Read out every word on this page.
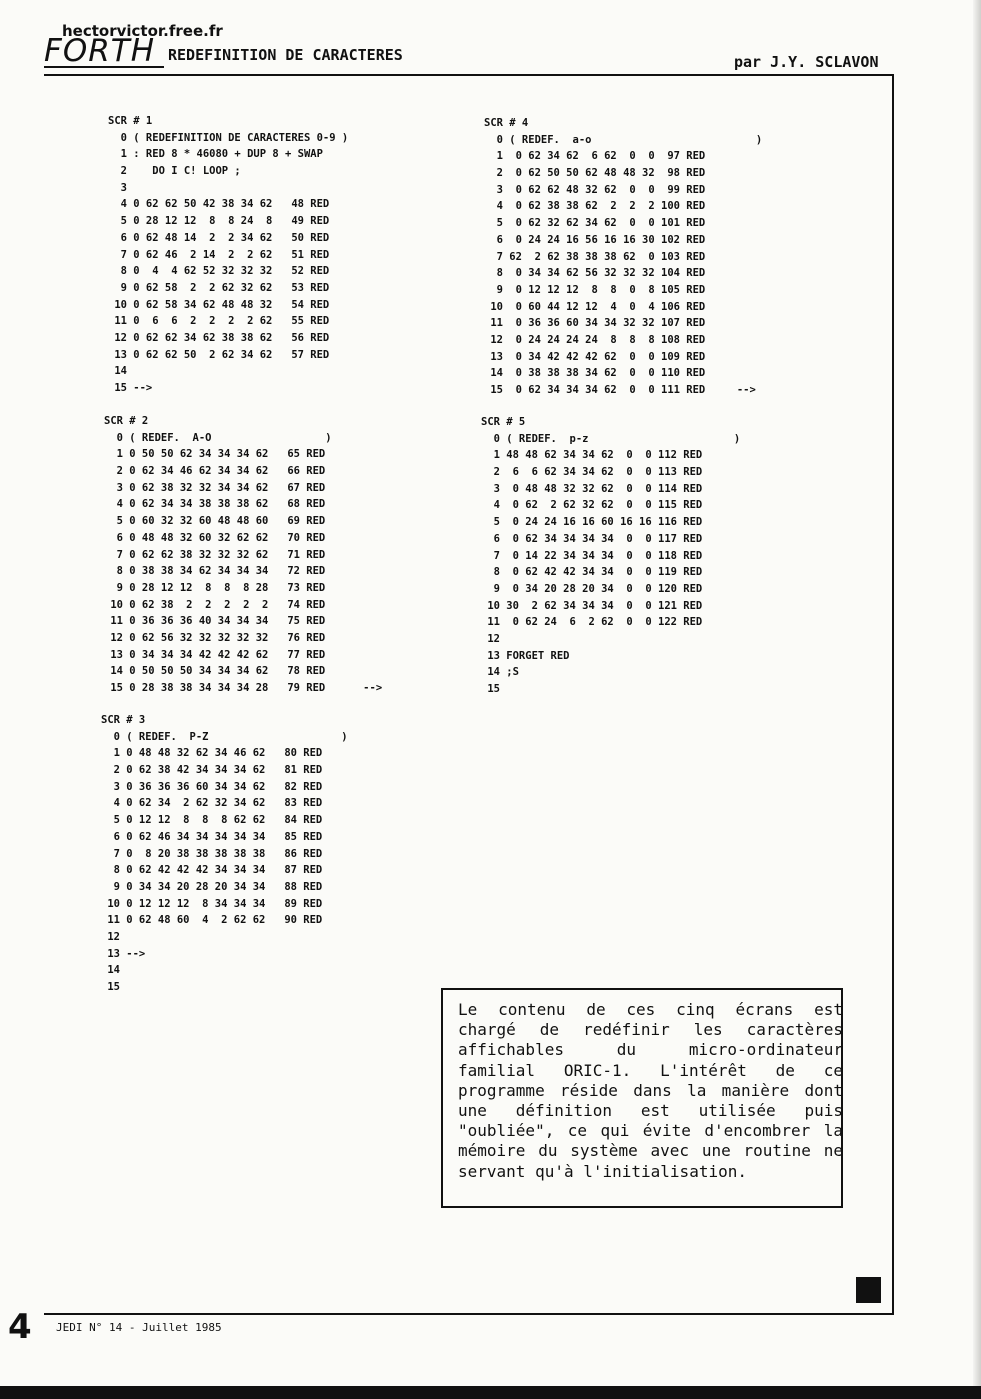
hectorvictor.free.fr
FORTH REDEFINITION DE CARACTERES	par J.Y. SCLAVON
SCR # 1
0 ( REDEFINITION DE CARACTERES 0-9 )
1 : RED 8 * 46080 + DUP 8 + SWAP
2    DO I C! LOOP ;
3
4 0 62 62 50 42 38 34 62   48 RED
5 0 28 12 12  8  8 24  8   49 RED
6 0 62 48 14  2  2 34 62   50 RED
7 0 62 46  2 14  2  2 62   51 RED
8 0  4  4 62 52 32 32 32   52 RED
9 0 62 58  2  2 62 32 62   53 RED
10 0 62 58 34 62 48 48 32   54 RED
11 0  6  6  2  2  2  2 62   55 RED
12 0 62 62 34 62 38 38 62   56 RED
13 0 62 62 50  2 62 34 62   57 RED
14
15 -->
SCR # 4
0 ( REDEF.  a-o                          )
1  0 62 34 62  6 62  0  0  97 RED
2  0 62 50 50 62 48 48 32  98 RED
3  0 62 62 48 32 62  0  0  99 RED
4  0 62 38 38 62  2  2  2 100 RED
5  0 62 32 62 34 62  0  0 101 RED
6  0 24 24 16 56 16 16 30 102 RED
7 62  2 62 38 38 38 62  0 103 RED
8  0 34 34 62 56 32 32 32 104 RED
9  0 12 12 12  8  8  0  8 105 RED
10  0 60 44 12 12  4  0  4 106 RED
11  0 36 36 60 34 34 32 32 107 RED
12  0 24 24 24 24  8  8  8 108 RED
13  0 34 42 42 42 62  0  0 109 RED
14  0 38 38 38 34 62  0  0 110 RED
15  0 62 34 34 34 62  0  0 111 RED     -->
SCR # 2
0 ( REDEF.  A-O                  )
1 0 50 50 62 34 34 34 62   65 RED
2 0 62 34 46 62 34 34 62   66 RED
3 0 62 38 32 32 34 34 62   67 RED
4 0 62 34 34 38 38 38 62   68 RED
5 0 60 32 32 60 48 48 60   69 RED
6 0 48 48 32 60 32 62 62   70 RED
7 0 62 62 38 32 32 32 62   71 RED
8 0 38 38 34 62 34 34 34   72 RED
9 0 28 12 12  8  8  8 28   73 RED
10 0 62 38  2  2  2  2  2   74 RED
11 0 36 36 36 40 34 34 34   75 RED
12 0 62 56 32 32 32 32 32   76 RED
13 0 34 34 34 42 42 42 62   77 RED
14 0 50 50 50 34 34 34 62   78 RED
15 0 28 38 38 34 34 34 28   79 RED      -->
SCR # 5
0 ( REDEF.  p-z                       )
1 48 48 62 34 34 62  0  0 112 RED
2  6  6 62 34 34 62  0  0 113 RED
3  0 48 48 32 32 62  0  0 114 RED
4  0 62  2 62 32 62  0  0 115 RED
5  0 24 24 16 16 60 16 16 116 RED
6  0 62 34 34 34 34  0  0 117 RED
7  0 14 22 34 34 34  0  0 118 RED
8  0 62 42 42 34 34  0  0 119 RED
9  0 34 20 28 20 34  0  0 120 RED
10 30  2 62 34 34 34  0  0 121 RED
11  0 62 24  6  2 62  0  0 122 RED
12
13 FORGET RED
14 ;S
15
SCR # 3
0 ( REDEF.  P-Z                     )
1 0 48 48 32 62 34 46 62   80 RED
2 0 62 38 42 34 34 34 62   81 RED
3 0 36 36 36 60 34 34 62   82 RED
4 0 62 34  2 62 32 34 62   83 RED
5 0 12 12  8  8  8 62 62   84 RED
6 0 62 46 34 34 34 34 34   85 RED
7 0  8 20 38 38 38 38 38   86 RED
8 0 62 42 42 42 34 34 34   87 RED
9 0 34 34 20 28 20 34 34   88 RED
10 0 12 12 12  8 34 34 34   89 RED
11 0 62 48 60  4  2 62 62   90 RED
12
13 -->
14
15

Le contenu de ces cinq écrans est chargé de redéfinir les caractères affichables du micro-ordinateur familial ORIC-1. L'intérêt de ce programme réside dans la manière dont une définition est utilisée puis "oubliée", ce qui évite d'encombrer la mémoire du système avec une routine ne servant qu'à l'initialisation.

4 JEDI N° 14 - Juillet 1985
